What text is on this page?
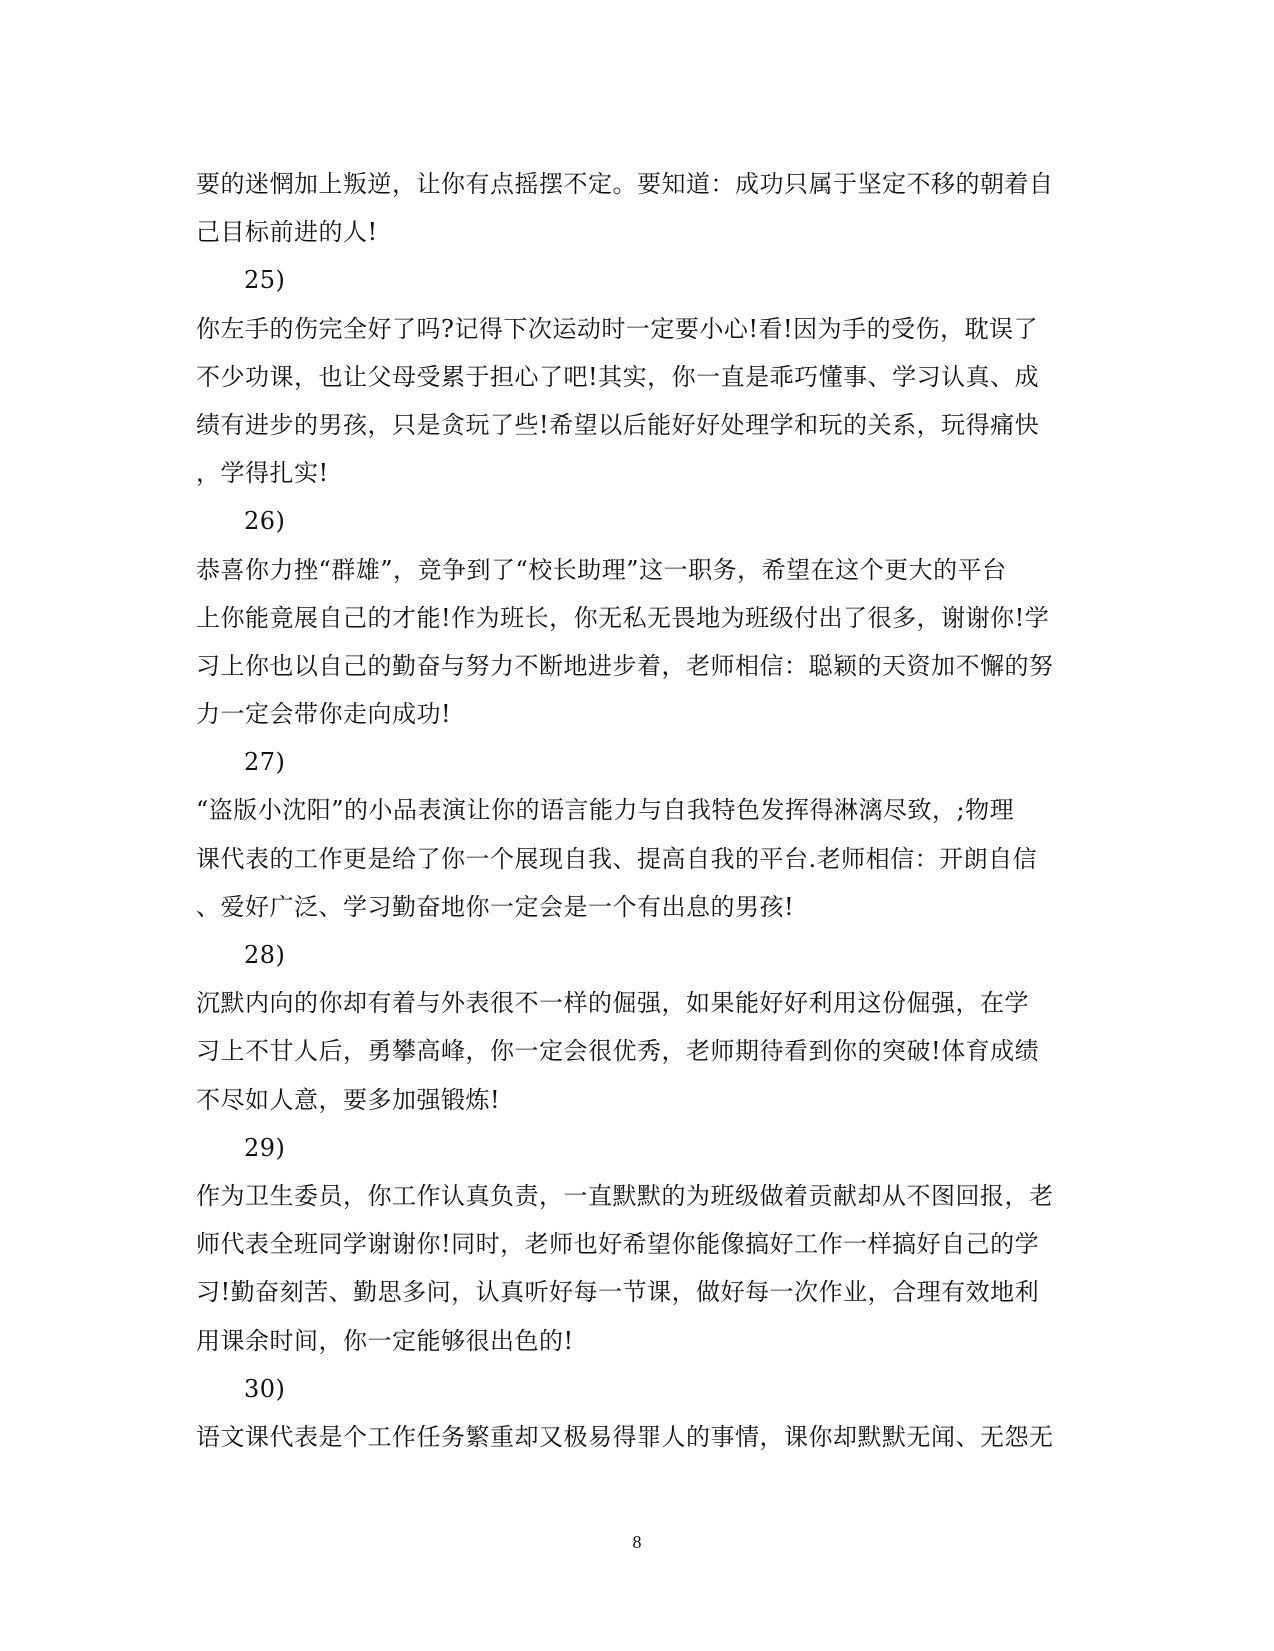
要的迷惘加上叛逆，让你有点摇摆不定。要知道：成功只属于坚定不移的朝着自
己目标前进的人!
25)
你左手的伤完全好了吗?记得下次运动时一定要小心!看!因为手的受伤，耽误了
不少功课，也让父母受累于担心了吧!其实，你一直是乖巧懂事、学习认真、成
绩有进步的男孩，只是贪玩了些!希望以后能好好处理学和玩的关系，玩得痛快
，学得扎实!
26)
恭喜你力挫“群雄”，竞争到了“校长助理”这一职务，希望在这个更大的平台
上你能竟展自己的才能!作为班长，你无私无畏地为班级付出了很多，谢谢你!学
习上你也以自己的勤奋与努力不断地进步着，老师相信：聪颖的天资加不懈的努
力一定会带你走向成功!
27)
“盗版小沈阳”的小品表演让你的语言能力与自我特色发挥得淋漓尽致，;物理
课代表的工作更是给了你一个展现自我、提高自我的平台.老师相信：开朗自信
、爱好广泛、学习勤奋地你一定会是一个有出息的男孩!
28)
沉默内向的你却有着与外表很不一样的倔强，如果能好好利用这份倔强，在学
习上不甘人后，勇攀高峰，你一定会很优秀，老师期待看到你的突破!体育成绩
不尽如人意，要多加强锻炼!
29)
作为卫生委员，你工作认真负责，一直默默的为班级做着贡献却从不图回报，老
师代表全班同学谢谢你!同时，老师也好希望你能像搞好工作一样搞好自己的学
习!勤奋刻苦、勤思多问，认真听好每一节课，做好每一次作业，合理有效地利
用课余时间，你一定能够很出色的!
30)
语文课代表是个工作任务繁重却又极易得罪人的事情，课你却默默无闻、无怨无
8
